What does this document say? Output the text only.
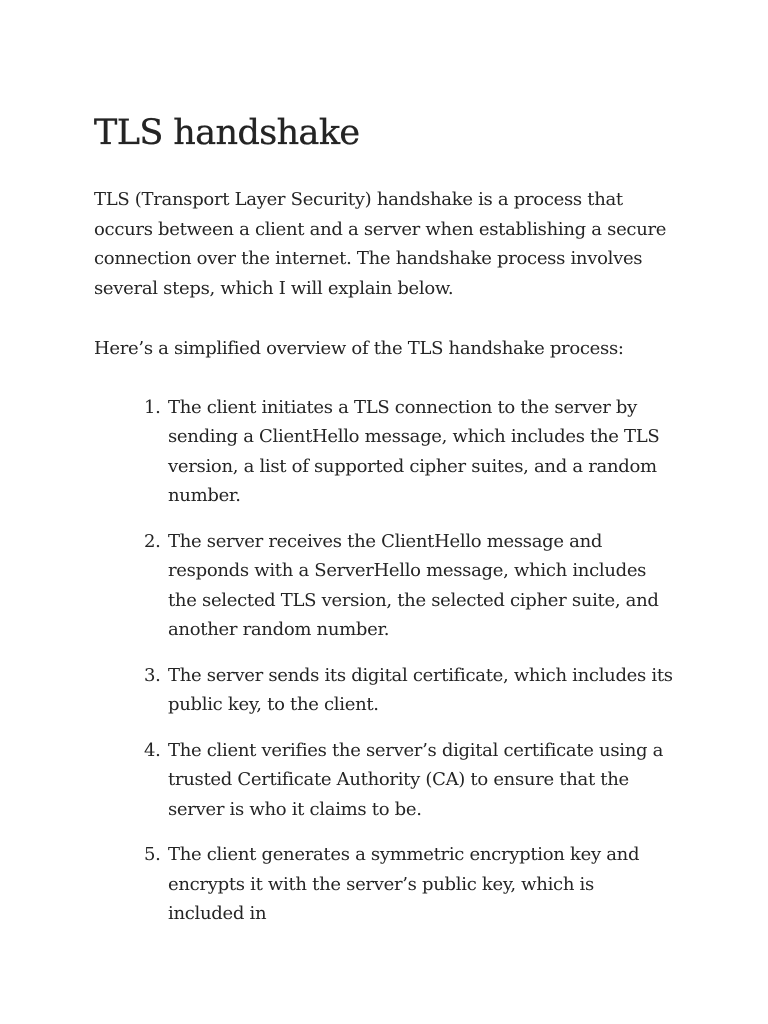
TLS handshake

TLS (Transport Layer Security) handshake is a process that occurs between a client and a server when establishing a secure connection over the internet. The handshake process involves several steps, which I will explain below.

Here’s a simplified overview of the TLS handshake process:

1. The client initiates a TLS connection to the server by sending a ClientHello message, which includes the TLS version, a list of supported cipher suites, and a random number.
2. The server receives the ClientHello message and responds with a ServerHello message, which includes the selected TLS version, the selected cipher suite, and another random number.
3. The server sends its digital certificate, which includes its public key, to the client.
4. The client verifies the server’s digital certificate using a trusted Certificate Authority (CA) to ensure that the server is who it claims to be.
5. The client generates a symmetric encryption key and encrypts it with the server’s public key, which is included in
